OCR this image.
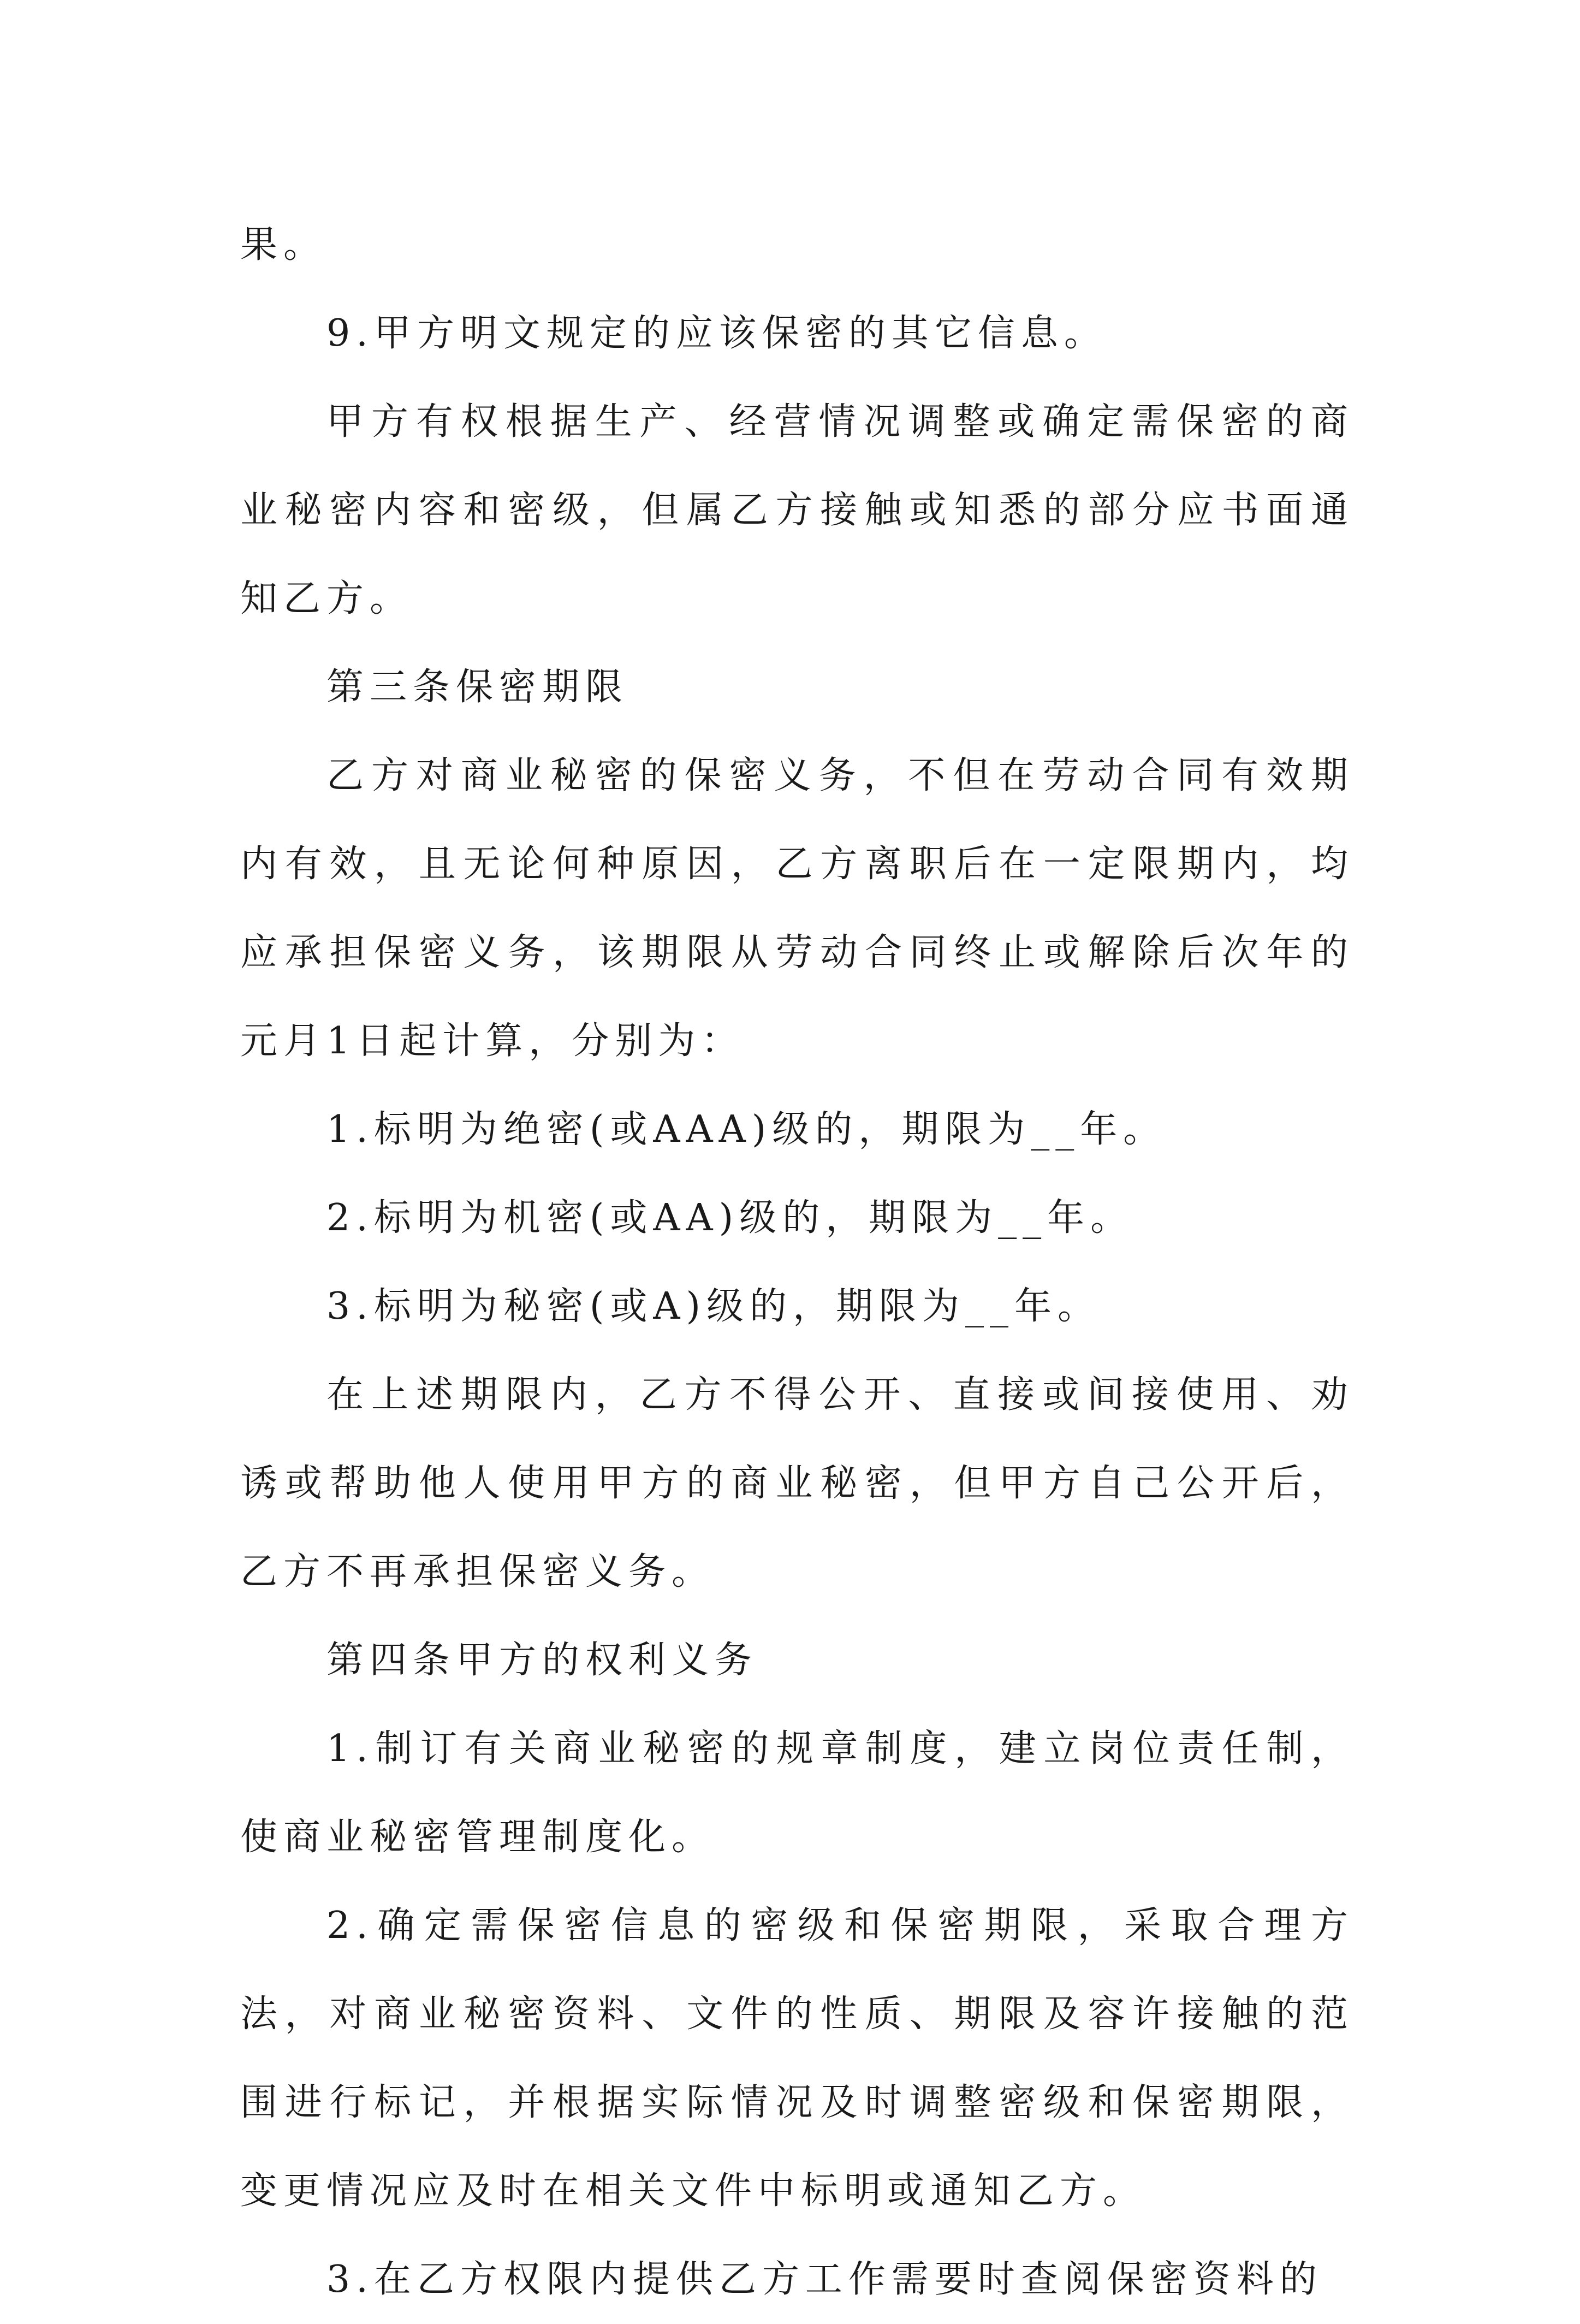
果。

9.甲方明文规定的应该保密的其它信息。

甲方有权根据生产、经营情况调整或确定需保密的商业秘密内容和密级，但属乙方接触或知悉的部分应书面通知乙方。

第三条保密期限

乙方对商业秘密的保密义务，不但在劳动合同有效期内有效，且无论何种原因，乙方离职后在一定限期内，均应承担保密义务，该期限从劳动合同终止或解除后次年的元月1日起计算，分别为：

1.标明为绝密(或AAA)级的，期限为__年。

2.标明为机密(或AA)级的，期限为__年。

3.标明为秘密(或A)级的，期限为__年。

在上述期限内，乙方不得公开、直接或间接使用、劝诱或帮助他人使用甲方的商业秘密，但甲方自己公开后，乙方不再承担保密义务。

第四条甲方的权利义务

1.制订有关商业秘密的规章制度，建立岗位责任制，使商业秘密管理制度化。

2.确定需保密信息的密级和保密期限，采取合理方法，对商业秘密资料、文件的性质、期限及容许接触的范围进行标记，并根据实际情况及时调整密级和保密期限，变更情况应及时在相关文件中标明或通知乙方。

3.在乙方权限内提供乙方工作需要时查阅保密资料的
